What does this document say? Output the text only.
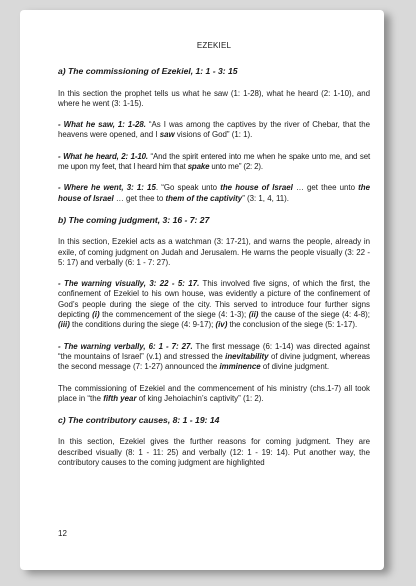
EZEKIEL
a) The commissioning of Ezekiel, 1: 1 - 3: 15

In this section the prophet tells us what he saw (1: 1-28), what he heard (2: 1-10), and where he went (3: 1-15).

- What he saw, 1: 1-28. “As I was among the captives by the river of Chebar, that the heavens were opened, and I saw visions of God” (1: 1).

- What he heard, 2: 1-10. “And the spirit entered into me when he spake unto me, and set me upon my feet, that I heard him that spake unto me” (2: 2).

- Where he went, 3: 1: 15. “Go speak unto the house of Israel … get thee unto the house of Israel … get thee to them of the captivity” (3: 1, 4, 11).

b) The coming judgment, 3: 16 - 7: 27

In this section, Ezekiel acts as a watchman (3: 17-21), and warns the people, already in exile, of coming judgment on Judah and Jerusalem. He warns the people visually (3: 22 - 5: 17) and verbally (6: 1 - 7: 27).

- The warning visually, 3: 22 - 5: 17. This involved five signs, of which the first, the confinement of Ezekiel to his own house, was evidently a picture of the confinement of God’s people during the siege of the city. This served to introduce four further signs depicting (i) the commencement of the siege (4: 1-3); (ii) the cause of the siege (4: 4-8); (iii) the conditions during the siege (4: 9-17); (iv) the conclusion of the siege (5: 1-17).

- The warning verbally, 6: 1 - 7: 27. The first message (6: 1-14) was directed against “the mountains of Israel” (v.1) and stressed the inevitability of divine judgment, whereas the second message (7: 1-27) announced the imminence of divine judgment.

The commissioning of Ezekiel and the commencement of his ministry (chs.1-7) all took place in “the fifth year of king Jehoiachin’s captivity” (1: 2).

c) The contributory causes, 8: 1 - 19: 14

In this section, Ezekiel gives the further reasons for coming judgment. They are described visually (8: 1 - 11: 25) and verbally (12: 1 - 19: 14). Put another way, the contributory causes to the coming judgment are highlighted

12
